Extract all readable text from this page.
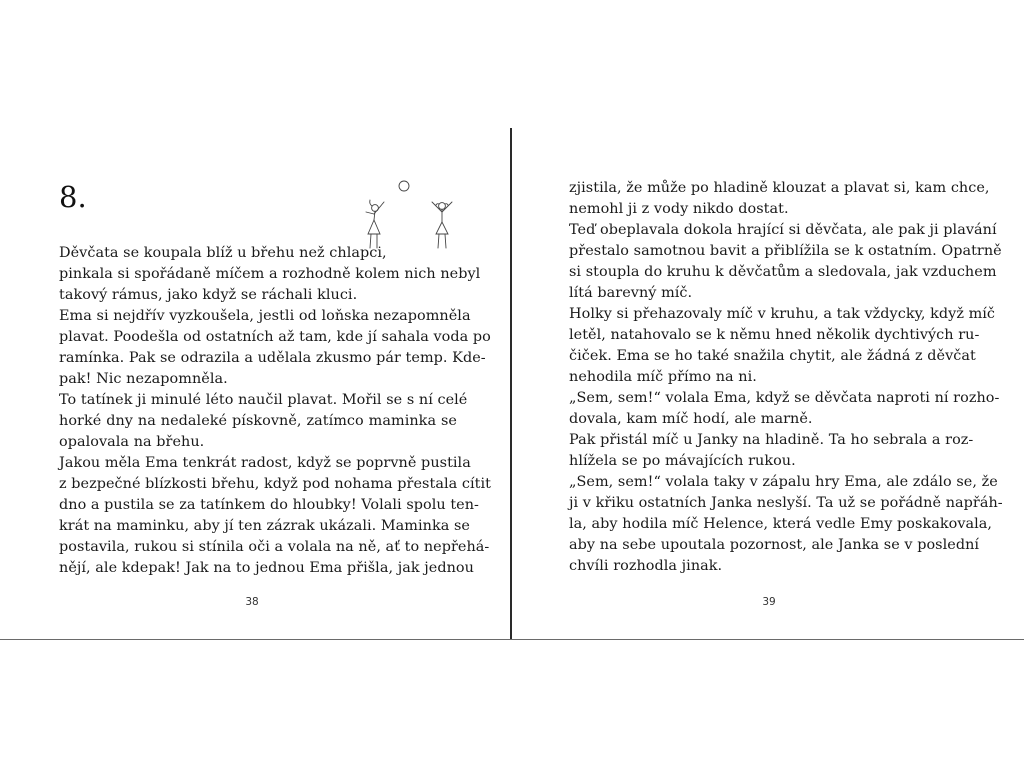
8.
Děvčata se koupala blíž u břehu než chlapci,
pinkala si spořádaně míčem a rozhodně kolem nich nebyl
takový rámus, jako když se ráchali kluci.
Ema si nejdřív vyzkoušela, jestli od loňska nezapomněla
plavat. Poodešla od ostatních až tam, kde jí sahala voda po
ramínka. Pak se odrazila a udělala zkusmo pár temp. Kde-
pak! Nic nezapomněla.
To tatínek ji minulé léto naučil plavat. Mořil se s ní celé
horké dny na nedaleké pískovně, zatímco maminka se
opalovala na břehu.
Jakou měla Ema tenkrát radost, když se poprvně pustila
z bezpečné blízkosti břehu, když pod nohama přestala cítit
dno a pustila se za tatínkem do hloubky! Volali spolu ten-
krát na maminku, aby jí ten zázrak ukázali. Maminka se
postavila, rukou si stínila oči a volala na ně, ať to nepřehá-
nějí, ale kdepak! Jak na to jednou Ema přišla, jak jednou
38
zjistila, že může po hladině klouzat a plavat si, kam chce,
nemohl ji z vody nikdo dostat.
Teď obeplavala dokola hrající si děvčata, ale pak ji plavání
přestalo samotnou bavit a přiblížila se k ostatním. Opatrně
si stoupla do kruhu k děvčatům a sledovala, jak vzduchem
lítá barevný míč.
Holky si přehazovaly míč v kruhu, a tak vždycky, když míč
letěl, natahovalo se k němu hned několik dychtivých ru-
čiček. Ema se ho také snažila chytit, ale žádná z děvčat
nehodila míč přímo na ni.
„Sem, sem!“ volala Ema, když se děvčata naproti ní rozho-
dovala, kam míč hodí, ale marně.
Pak přistál míč u Janky na hladině. Ta ho sebrala a roz-
hlížela se po mávajících rukou.
„Sem, sem!“ volala taky v zápalu hry Ema, ale zdálo se, že
ji v křiku ostatních Janka neslyší. Ta už se pořádně napřáh-
la, aby hodila míč Helence, která vedle Emy poskakovala,
aby na sebe upoutala pozornost, ale Janka se v poslední
chvíli rozhodla jinak.
39
